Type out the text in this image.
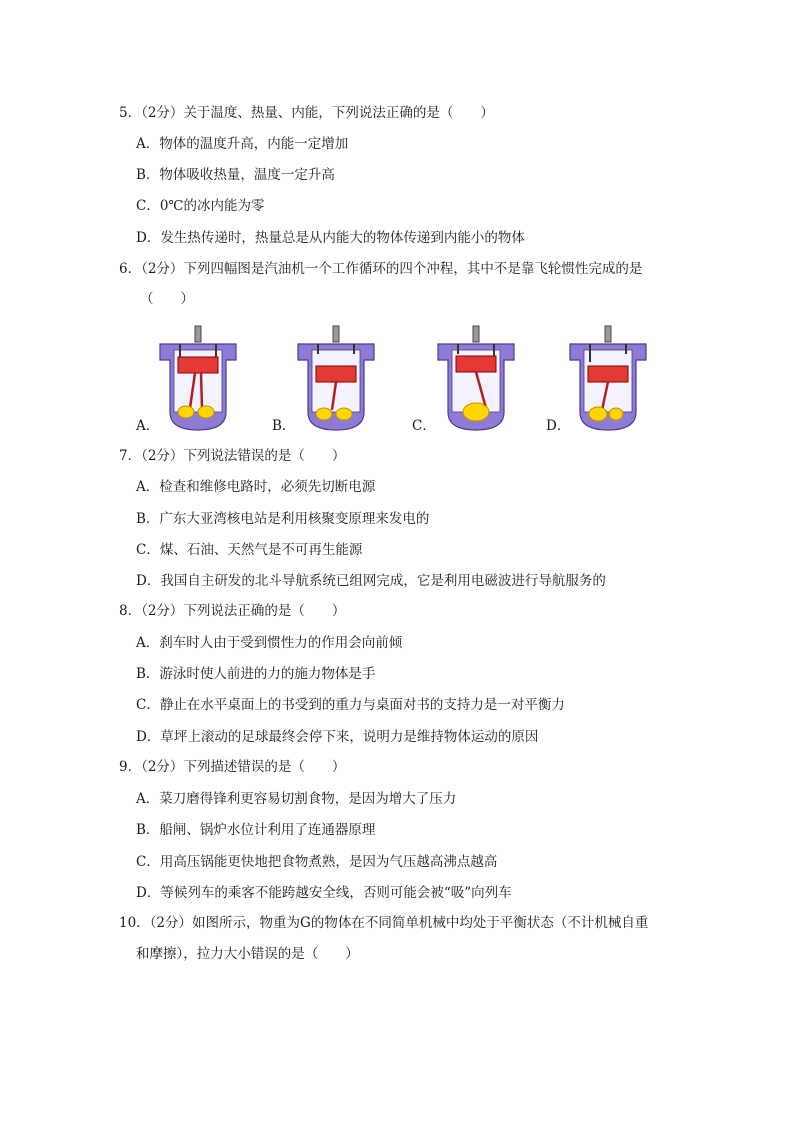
5．（2分）关于温度、热量、内能，下列说法正确的是（　　）
A．物体的温度升高，内能一定增加
B．物体吸收热量，温度一定升高
C．0℃的冰内能为零
D．发生热传递时，热量总是从内能大的物体传递到内能小的物体
6．（2分）下列四幅图是汽油机一个工作循环的四个冲程，其中不是靠飞轮惯性完成的是
（　　）
A．	B．	C．	D．
7．（2分）下列说法错误的是（　　）
A．检查和维修电路时，必须先切断电源
B．广东大亚湾核电站是利用核聚变原理来发电的
C．煤、石油、天然气是不可再生能源
D．我国自主研发的北斗导航系统已组网完成，它是利用电磁波进行导航服务的
8．（2分）下列说法正确的是（　　）
A．刹车时人由于受到惯性力的作用会向前倾
B．游泳时使人前进的力的施力物体是手
C．静止在水平桌面上的书受到的重力与桌面对书的支持力是一对平衡力
D．草坪上滚动的足球最终会停下来，说明力是维持物体运动的原因
9．（2分）下列描述错误的是（　　）
A．菜刀磨得锋利更容易切割食物，是因为增大了压力
B．船闸、锅炉水位计利用了连通器原理
C．用高压锅能更快地把食物煮熟，是因为气压越高沸点越高
D．等候列车的乘客不能跨越安全线，否则可能会被“吸”向列车
10．（2分）如图所示，物重为G的物体在不同简单机械中均处于平衡状态（不计机械自重
和摩擦），拉力大小错误的是（　　）
